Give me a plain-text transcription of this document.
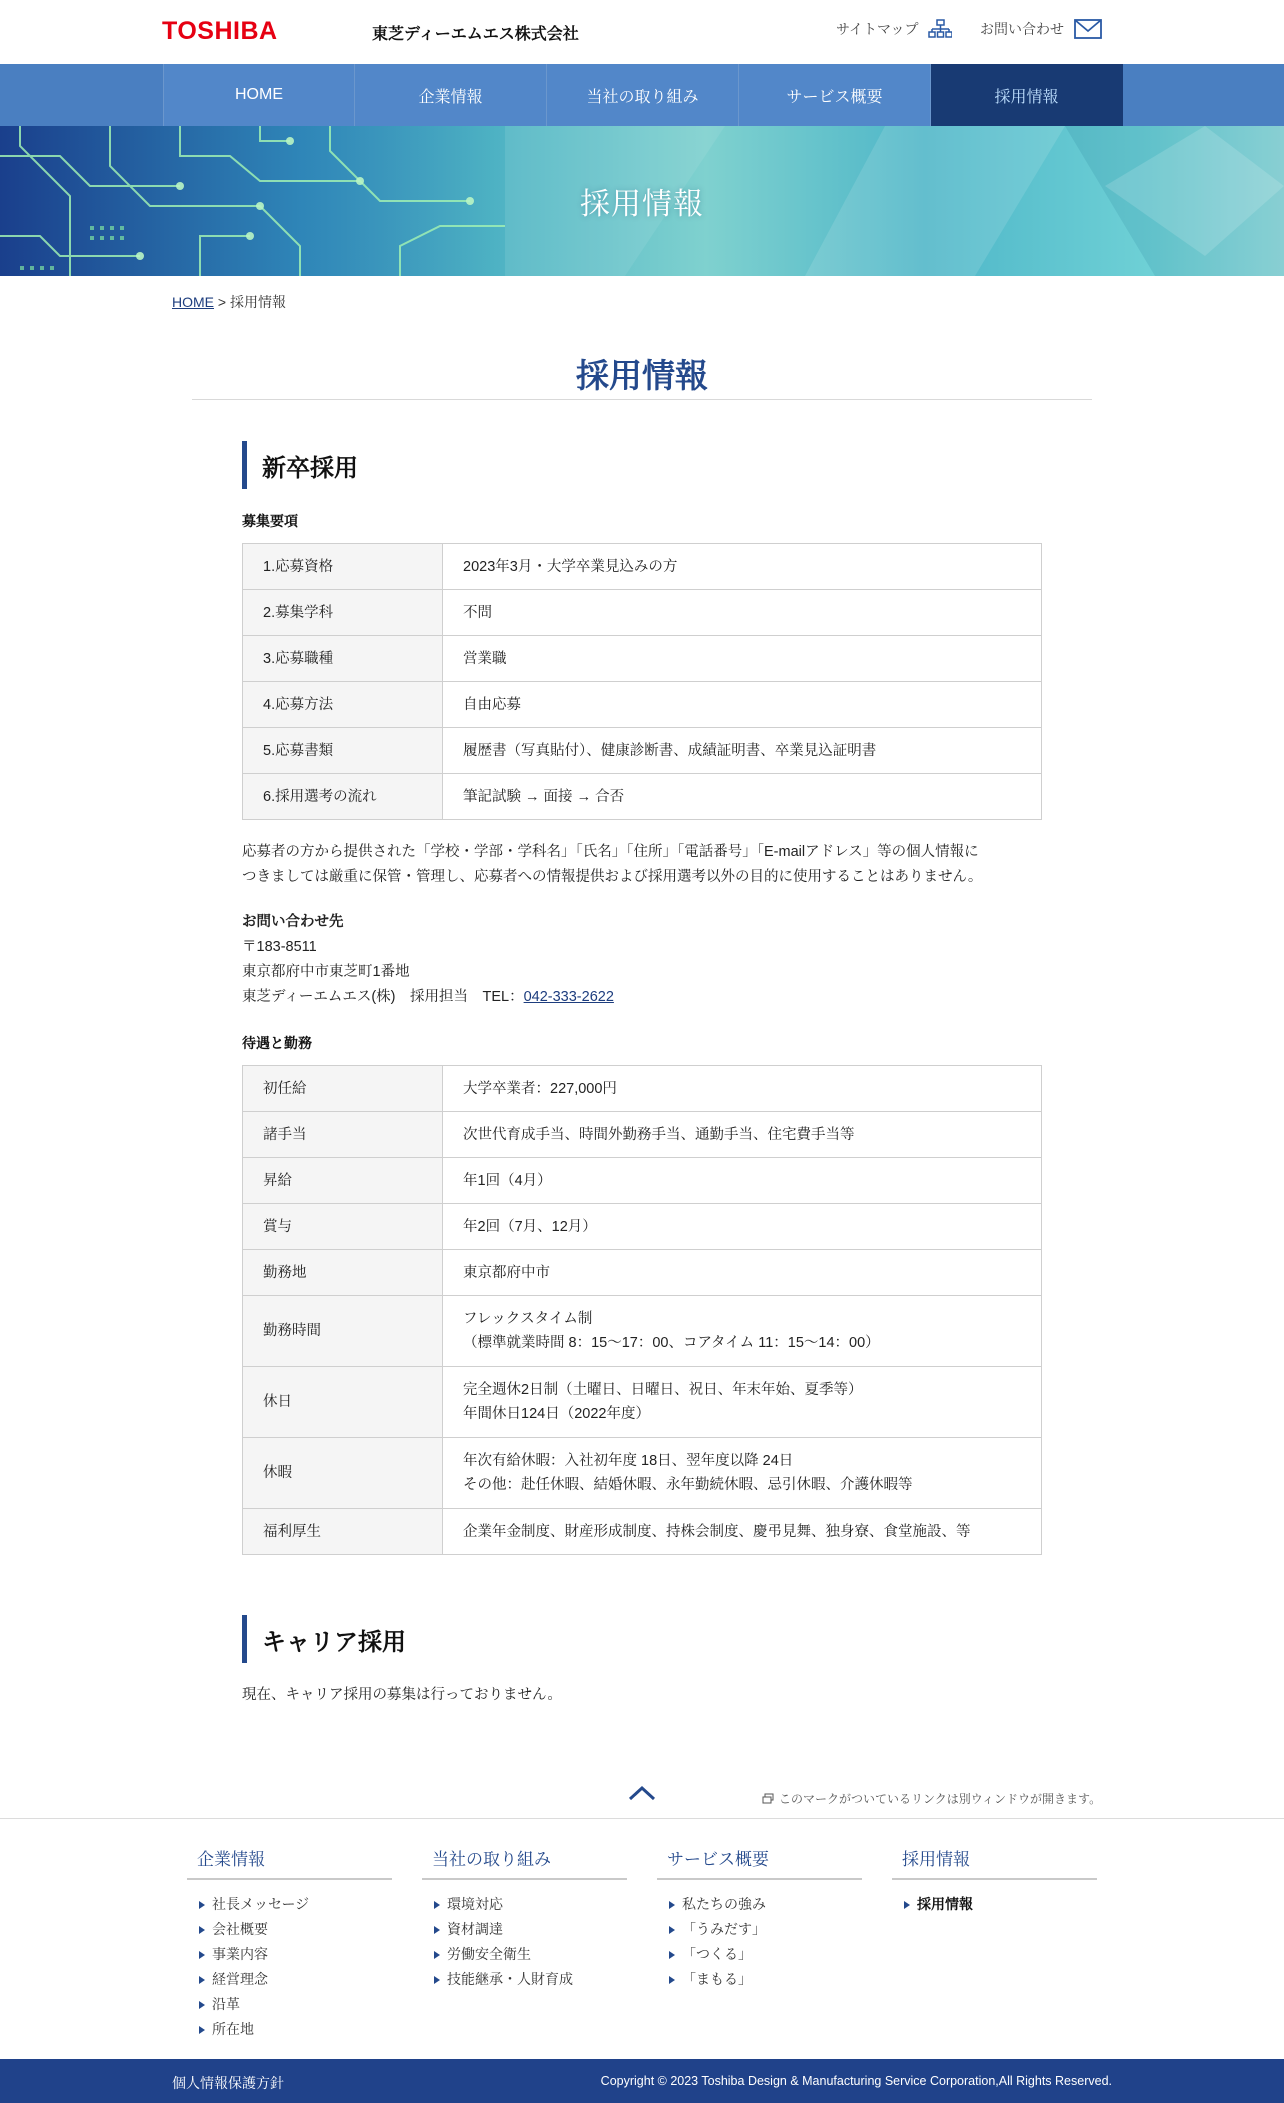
TOSHIBA	東芝ディーエムエス株式会社	サイトマップ	お問い合わせ
HOME	企業情報	当社の取り組み	サービス概要	採用情報
採用情報
HOME > 採用情報
採用情報
新卒採用
募集要項
1.応募資格	2023年3月・大学卒業見込みの方
2.募集学科	不問
3.応募職種	営業職
4.応募方法	自由応募
5.応募書類	履歴書（写真貼付）、健康診断書、成績証明書、卒業見込証明書
6.採用選考の流れ	筆記試験 → 面接 → 合否
応募者の方から提供された「学校・学部・学科名」「氏名」「住所」「電話番号」「E-mailアドレス」等の個人情報に
つきましては厳重に保管・管理し、応募者への情報提供および採用選考以外の目的に使用することはありません。
お問い合わせ先
〒183-8511
東京都府中市東芝町1番地
東芝ディーエムエス(株)　採用担当　TEL：042-333-2622
待遇と勤務
初任給	大学卒業者：227,000円

諸手当	次世代育成手当、時間外勤務手当、通勤手当、住宅費手当等

昇給	年1回（4月）

賞与	年2回（7月、12月）

勤務地	東京都府中市

勤務時間	フレックスタイム制
（標準就業時間 8：15～17：00、コアタイム 11：15～14：00）

休日	完全週休2日制（土曜日、日曜日、祝日、年末年始、夏季等）
年間休日124日（2022年度）

休暇	年次有給休暇：入社初年度 18日、翌年度以降 24日
その他：赴任休暇、結婚休暇、永年勤続休暇、忌引休暇、介護休暇等

福利厚生	企業年金制度、財産形成制度、持株会制度、慶弔見舞、独身寮、食堂施設、等
キャリア採用
現在、キャリア採用の募集は行っておりません。
このマークがついているリンクは別ウィンドウが開きます。
企業情報
社長メッセージ
会社概要
事業内容
経営理念
沿革
所在地
当社の取り組み
環境対応
資材調達
労働安全衛生
技能継承・人財育成
サービス概要
私たちの強み
「うみだす」
「つくる」
「まもる」
採用情報
採用情報
個人情報保護方針	Copyright © 2023 Toshiba Design & Manufacturing Service Corporation,All Rights Reserved.
